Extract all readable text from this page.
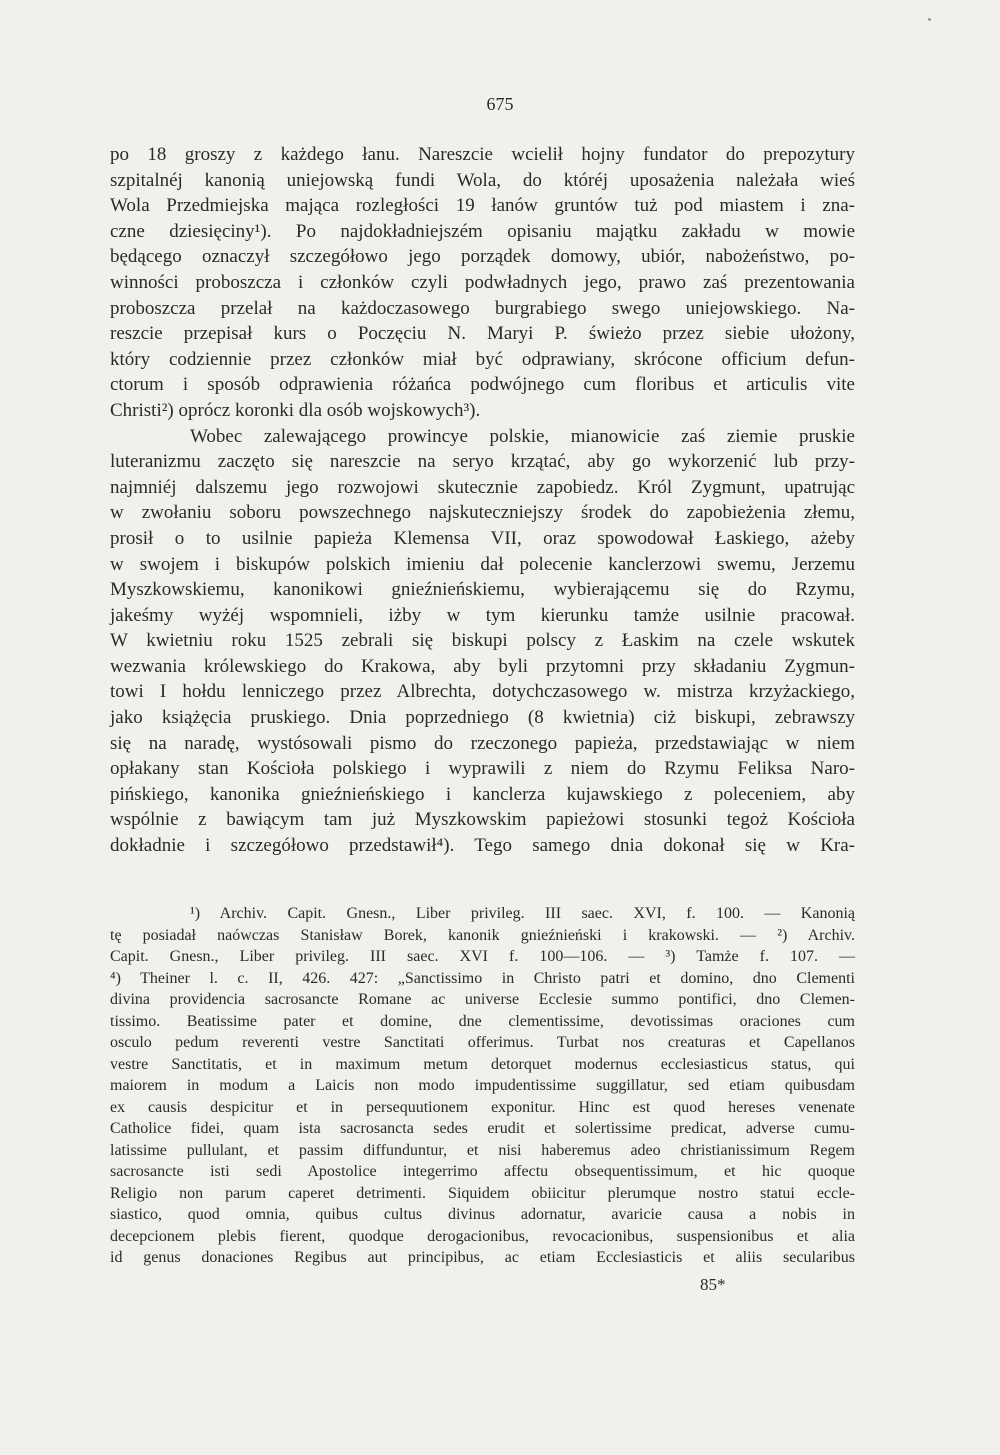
675
po 18 groszy z każdego łanu. Nareszcie wcielił hojny fundator do prepozytury
szpitalnéj kanonią uniejowską fundi Wola, do któréj uposażenia należała wieś
Wola Przedmiejska mająca rozległości 19 łanów gruntów tuż pod miastem i zna-
czne dziesięciny¹). Po najdokładniejszém opisaniu majątku zakładu w mowie
będącego oznaczył szczegółowo jego porządek domowy, ubiór, nabożeństwo, po-
winności proboszcza i członków czyli podwładnych jego, prawo zaś prezentowania
proboszcza przelał na każdoczasowego burgrabiego swego uniejowskiego. Na-
reszcie przepisał kurs o Poczęciu N. Maryi P. świeżo przez siebie ułożony,
który codziennie przez członków miał być odprawiany, skrócone officium defun-
ctorum i sposób odprawienia różańca podwójnego cum floribus et articulis vite
Christi²) oprócz koronki dla osób wojskowych³).
Wobec zalewającego prowincye polskie, mianowicie zaś ziemie pruskie
luteranizmu zaczęto się nareszcie na seryo krzątać, aby go wykorzenić lub przy-
najmniéj dalszemu jego rozwojowi skutecznie zapobiedz. Król Zygmunt, upatrując
w zwołaniu soboru powszechnego najskuteczniejszy środek do zapobieżenia złemu,
prosił o to usilnie papieża Klemensa VII, oraz spowodował Łaskiego, ażeby
w swojem i biskupów polskich imieniu dał polecenie kanclerzowi swemu, Jerzemu
Myszkowskiemu, kanonikowi gnieźnieńskiemu, wybierającemu się do Rzymu,
jakeśmy wyżéj wspomnieli, iżby w tym kierunku tamże usilnie pracował.
W kwietniu roku 1525 zebrali się biskupi polscy z Łaskim na czele wskutek
wezwania królewskiego do Krakowa, aby byli przytomni przy składaniu Zygmun-
towi I hołdu lenniczego przez Albrechta, dotychczasowego w. mistrza krzyżackiego,
jako książęcia pruskiego. Dnia poprzedniego (8 kwietnia) ciż biskupi, zebrawszy
się na naradę, wystósowali pismo do rzeczonego papieża, przedstawiając w niem
opłakany stan Kościoła polskiego i wyprawili z niem do Rzymu Feliksa Naro-
pińskiego, kanonika gnieźnieńskiego i kanclerza kujawskiego z poleceniem, aby
wspólnie z bawiącym tam już Myszkowskim papieżowi stosunki tegoż Kościoła
dokładnie i szczegółowo przedstawił⁴). Tego samego dnia dokonał się w Kra-
¹) Archiv. Capit. Gnesn., Liber privileg. III saec. XVI, f. 100. — Kanonią
tę posiadał naówczas Stanisław Borek, kanonik gnieźnieński i krakowski. — ²) Archiv.
Capit. Gnesn., Liber privileg. III saec. XVI f. 100—106. — ³) Tamże f. 107. —
⁴) Theiner l. c. II, 426. 427: „Sanctissimo in Christo patri et domino, dno Clementi
divina providencia sacrosancte Romane ac universe Ecclesie summo pontifici, dno Clemen-
tissimo. Beatissime pater et domine, dne clementissime, devotissimas oraciones cum
osculo pedum reverenti vestre Sanctitati offerimus. Turbat nos creaturas et Capellanos
vestre Sanctitatis, et in maximum metum detorquet modernus ecclesiasticus status, qui
maiorem in modum a Laicis non modo impudentissime suggillatur, sed etiam quibusdam
ex causis despicitur et in persequutionem exponitur. Hinc est quod hereses venenate
Catholice fidei, quam ista sacrosancta sedes erudit et solertissime predicat, adverse cumu-
latissime pullulant, et passim diffunduntur, et nisi haberemus adeo christianissimum Regem
sacrosancte isti sedi Apostolice integerrimo affectu obsequentissimum, et hic quoque
Religio non parum caperet detrimenti. Siquidem obiicitur plerumque nostro statui eccle-
siastico, quod omnia, quibus cultus divinus adornatur, avaricie causa a nobis in
decepcionem plebis fierent, quodque derogacionibus, revocacionibus, suspensionibus et alia
id genus donaciones Regibus aut principibus, ac etiam Ecclesiasticis et aliis secularibus
85*
